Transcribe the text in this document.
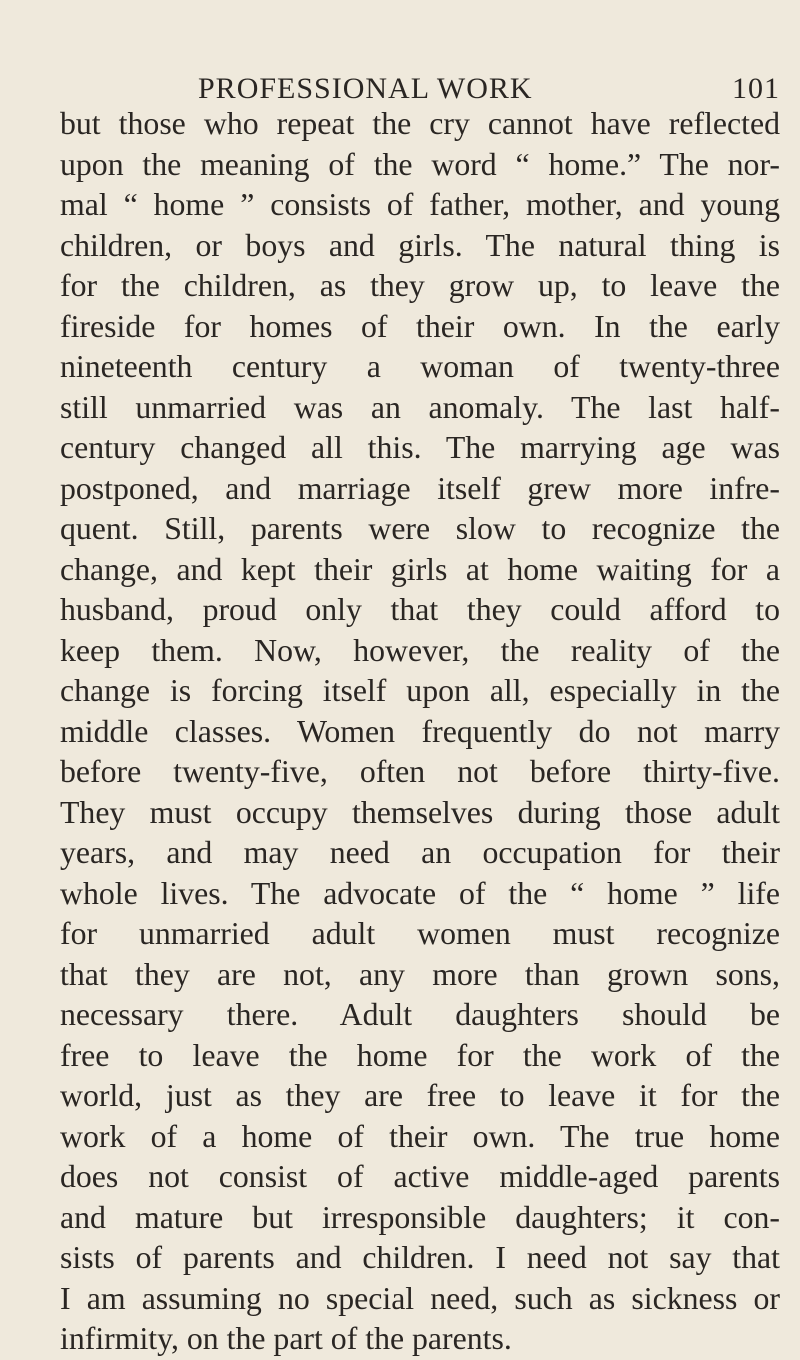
PROFESSIONAL WORK	101
but those who repeat the cry cannot have reflected
upon the meaning of the word “ home.” The nor-
mal “ home ” consists of father, mother, and young
children, or boys and girls. The natural thing is
for the children, as they grow up, to leave the
fireside for homes of their own. In the early
nineteenth century a woman of twenty-three
still unmarried was an anomaly. The last half-
century changed all this. The marrying age was
postponed, and marriage itself grew more infre-
quent. Still, parents were slow to recognize the
change, and kept their girls at home waiting for a
husband, proud only that they could afford to
keep them. Now, however, the reality of the
change is forcing itself upon all, especially in the
middle classes. Women frequently do not marry
before twenty-five, often not before thirty-five.
They must occupy themselves during those adult
years, and may need an occupation for their
whole lives. The advocate of the “ home ” life
for unmarried adult women must recognize
that they are not, any more than grown sons,
necessary there. Adult daughters should be
free to leave the home for the work of the
world, just as they are free to leave it for the
work of a home of their own. The true home
does not consist of active middle-aged parents
and mature but irresponsible daughters; it con-
sists of parents and children. I need not say that
I am assuming no special need, such as sickness or
infirmity, on the part of the parents.
